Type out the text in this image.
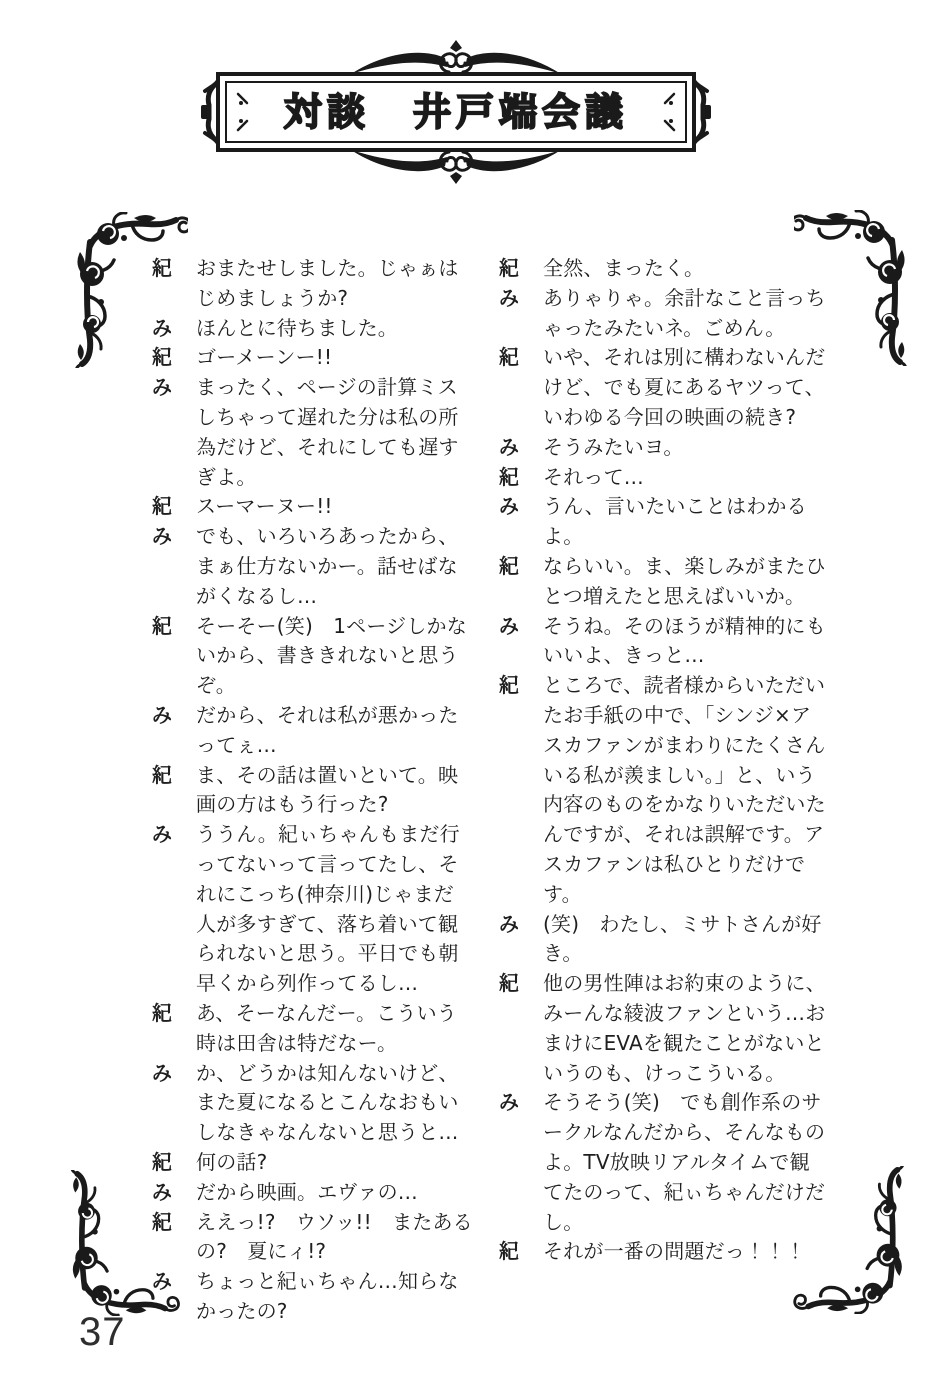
対談　井戸端会議
紀 おまたせしました。じゃぁはじめましょうか?
み ほんとに待ちました。
紀 ゴーメーンー!!
み まったく、ページの計算ミスしちゃって遅れた分は私の所為だけど、それにしても遅すぎよ。
紀 スーマーヌー!!
み でも、いろいろあったから、まぁ仕方ないかー。話せばながくなるし…
紀 そーそー(笑)　1ページしかないから、書ききれないと思うぞ。
み だから、それは私が悪かったってぇ…
紀 ま、その話は置いといて。映画の方はもう行った?
み ううん。紀ぃちゃんもまだ行ってないって言ってたし、それにこっち(神奈川)じゃまだ人が多すぎて、落ち着いて観られないと思う。平日でも朝早くから列作ってるし…
紀 あ、そーなんだー。こういう時は田舎は特だなー。
み か、どうかは知んないけど、また夏になるとこんなおもいしなきゃなんないと思うと…
紀 何の話?
み だから映画。エヴァの…
紀 ええっ!?　ウソッ!!　またあるの?　夏にィ!?
み ちょっと紀ぃちゃん…知らなかったの?
紀 全然、まったく。
み ありゃりゃ。余計なこと言っちゃったみたいネ。ごめん。
紀 いや、それは別に構わないんだけど、でも夏にあるヤツって、いわゆる今回の映画の続き?
み そうみたいヨ。
紀 それって…
み うん、言いたいことはわかるよ。
紀 ならいい。ま、楽しみがまたひとつ増えたと思えばいいか。
み そうね。そのほうが精神的にもいいよ、きっと…
紀 ところで、読者様からいただいたお手紙の中で、「シンジ×アスカファンがまわりにたくさんいる私が羨ましい。」と、いう内容のものをかなりいただいたんですが、それは誤解です。アスカファンは私ひとりだけです。
み (笑)　わたし、ミサトさんが好き。
紀 他の男性陣はお約束のように、みーんな綾波ファンという…おまけにEVAを観たことがないというのも、けっこういる。
み そうそう(笑)　でも創作系のサークルなんだから、そんなものよ。TV放映リアルタイムで観てたのって、紀ぃちゃんだけだし。
紀 それが一番の問題だっ！！！
37
